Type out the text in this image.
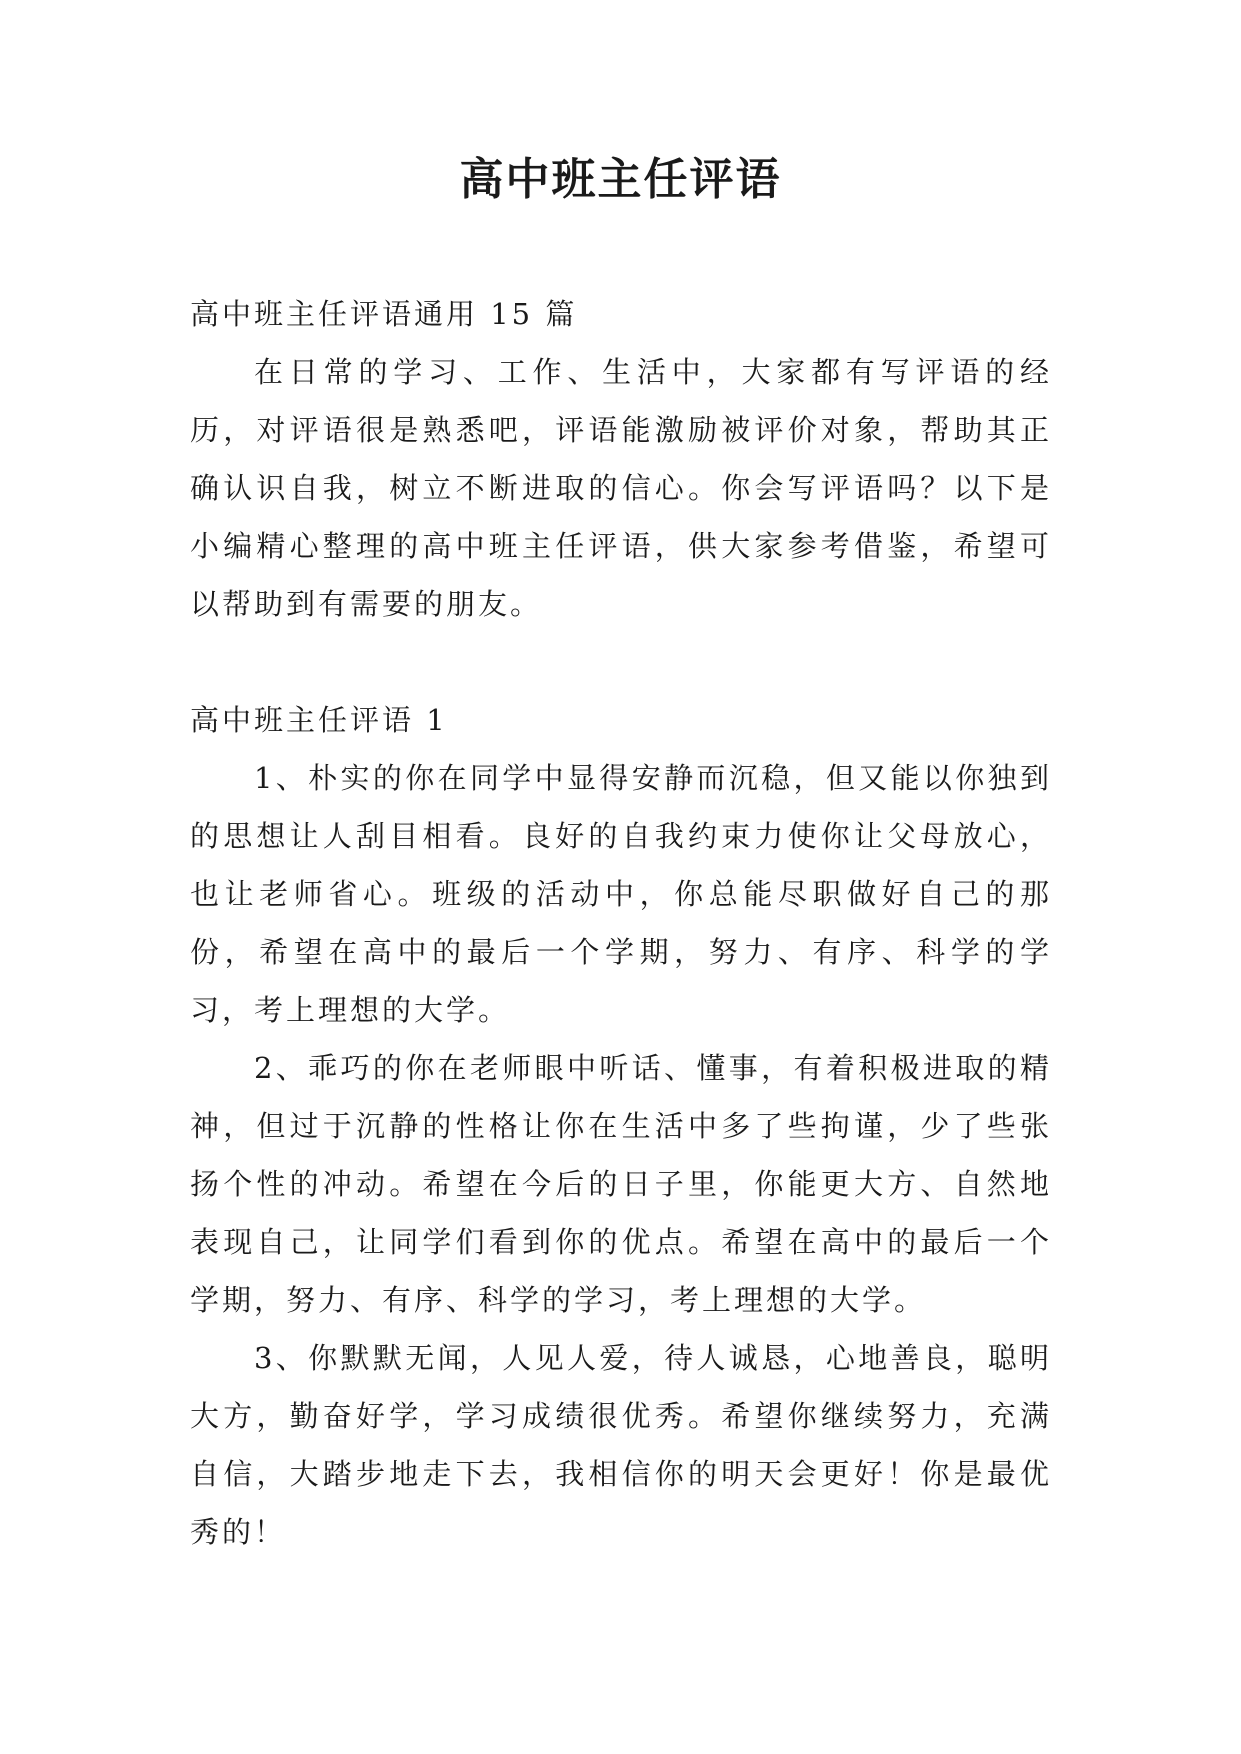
高中班主任评语

高中班主任评语通用 15 篇

在日常的学习、工作、生活中，大家都有写评语的经历，对评语很是熟悉吧，评语能激励被评价对象，帮助其正确认识自我，树立不断进取的信心。你会写评语吗？以下是小编精心整理的高中班主任评语，供大家参考借鉴，希望可以帮助到有需要的朋友。

高中班主任评语 1

1、朴实的你在同学中显得安静而沉稳，但又能以你独到的思想让人刮目相看。良好的自我约束力使你让父母放心，也让老师省心。班级的活动中，你总能尽职做好自己的那份，希望在高中的最后一个学期，努力、有序、科学的学习，考上理想的大学。

2、乖巧的你在老师眼中听话、懂事，有着积极进取的精神，但过于沉静的性格让你在生活中多了些拘谨，少了些张扬个性的冲动。希望在今后的日子里，你能更大方、自然地表现自己，让同学们看到你的优点。希望在高中的最后一个学期，努力、有序、科学的学习，考上理想的大学。

3、你默默无闻，人见人爱，待人诚恳，心地善良，聪明大方，勤奋好学，学习成绩很优秀。希望你继续努力，充满自信，大踏步地走下去，我相信你的明天会更好！你是最优秀的！
